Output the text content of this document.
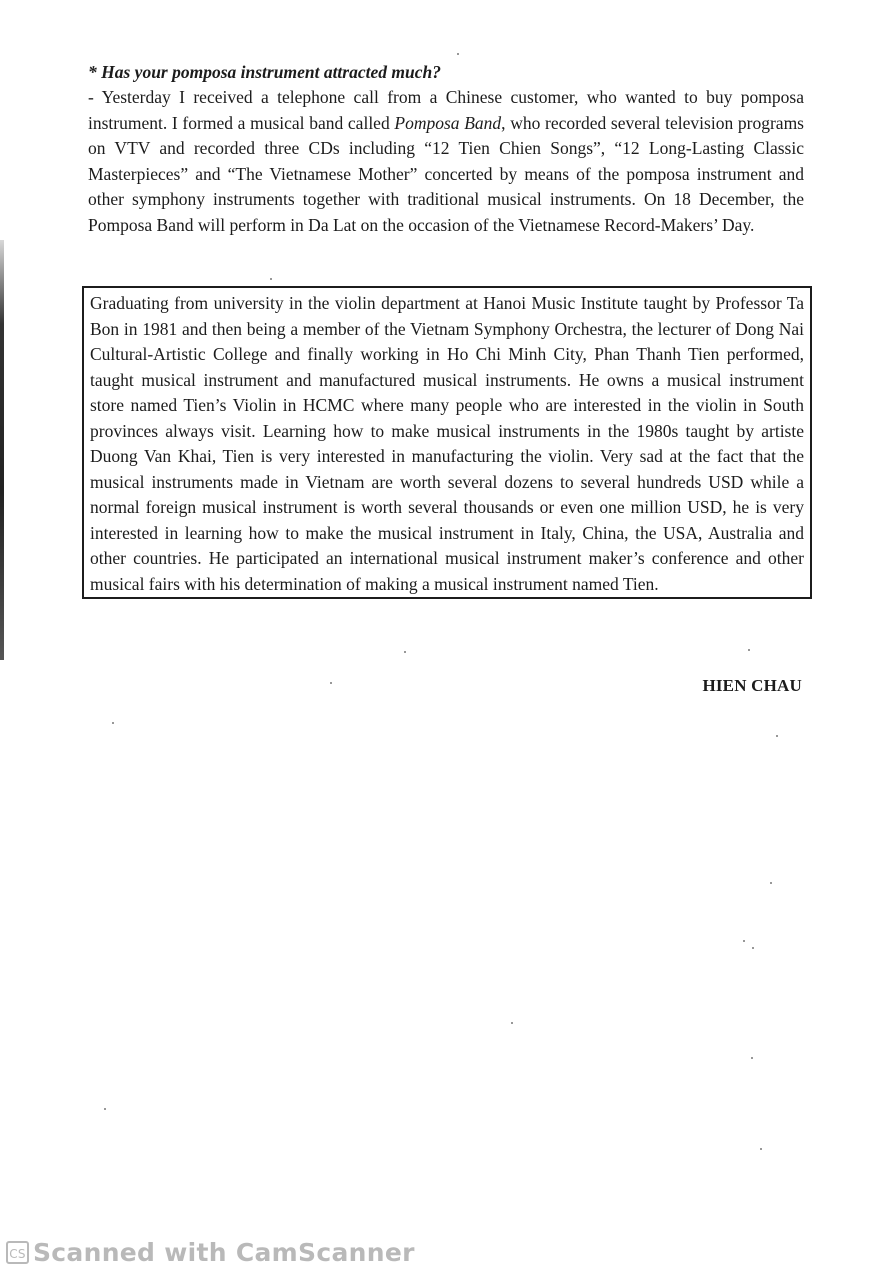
* Has your pomposa instrument attracted much?

- Yesterday I received a telephone call from a Chinese customer, who wanted to buy pomposa instrument. I formed a musical band called Pomposa Band, who recorded several television programs on VTV and recorded three CDs including “12 Tien Chien Songs”, “12 Long-Lasting Classic Masterpieces” and “The Vietnamese Mother” concerted by means of the pomposa instrument and other symphony instruments together with traditional musical instruments. On 18 December, the Pomposa Band will perform in Da Lat on the occasion of the Vietnamese Record-Makers’ Day.

Graduating from university in the violin department at Hanoi Music Institute taught by Professor Ta Bon in 1981 and then being a member of the Vietnam Symphony Orchestra, the lecturer of Dong Nai Cultural-Artistic College and finally working in Ho Chi Minh City, Phan Thanh Tien performed, taught musical instrument and manufactured musical instruments. He owns a musical instrument store named Tien’s Violin in HCMC where many people who are interested in the violin in South provinces always visit. Learning how to make musical instruments in the 1980s taught by artiste Duong Van Khai, Tien is very interested in manufacturing the violin. Very sad at the fact that the musical instruments made in Vietnam are worth several dozens to several hundreds USD while a normal foreign musical instrument is worth several thousands or even one million USD, he is very interested in learning how to make the musical instrument in Italy, China, the USA, Australia and other countries. He participated an international musical instrument maker’s conference and other musical fairs with his determination of making a musical instrument named Tien.
HIEN CHAU
CS Scanned with CamScanner
